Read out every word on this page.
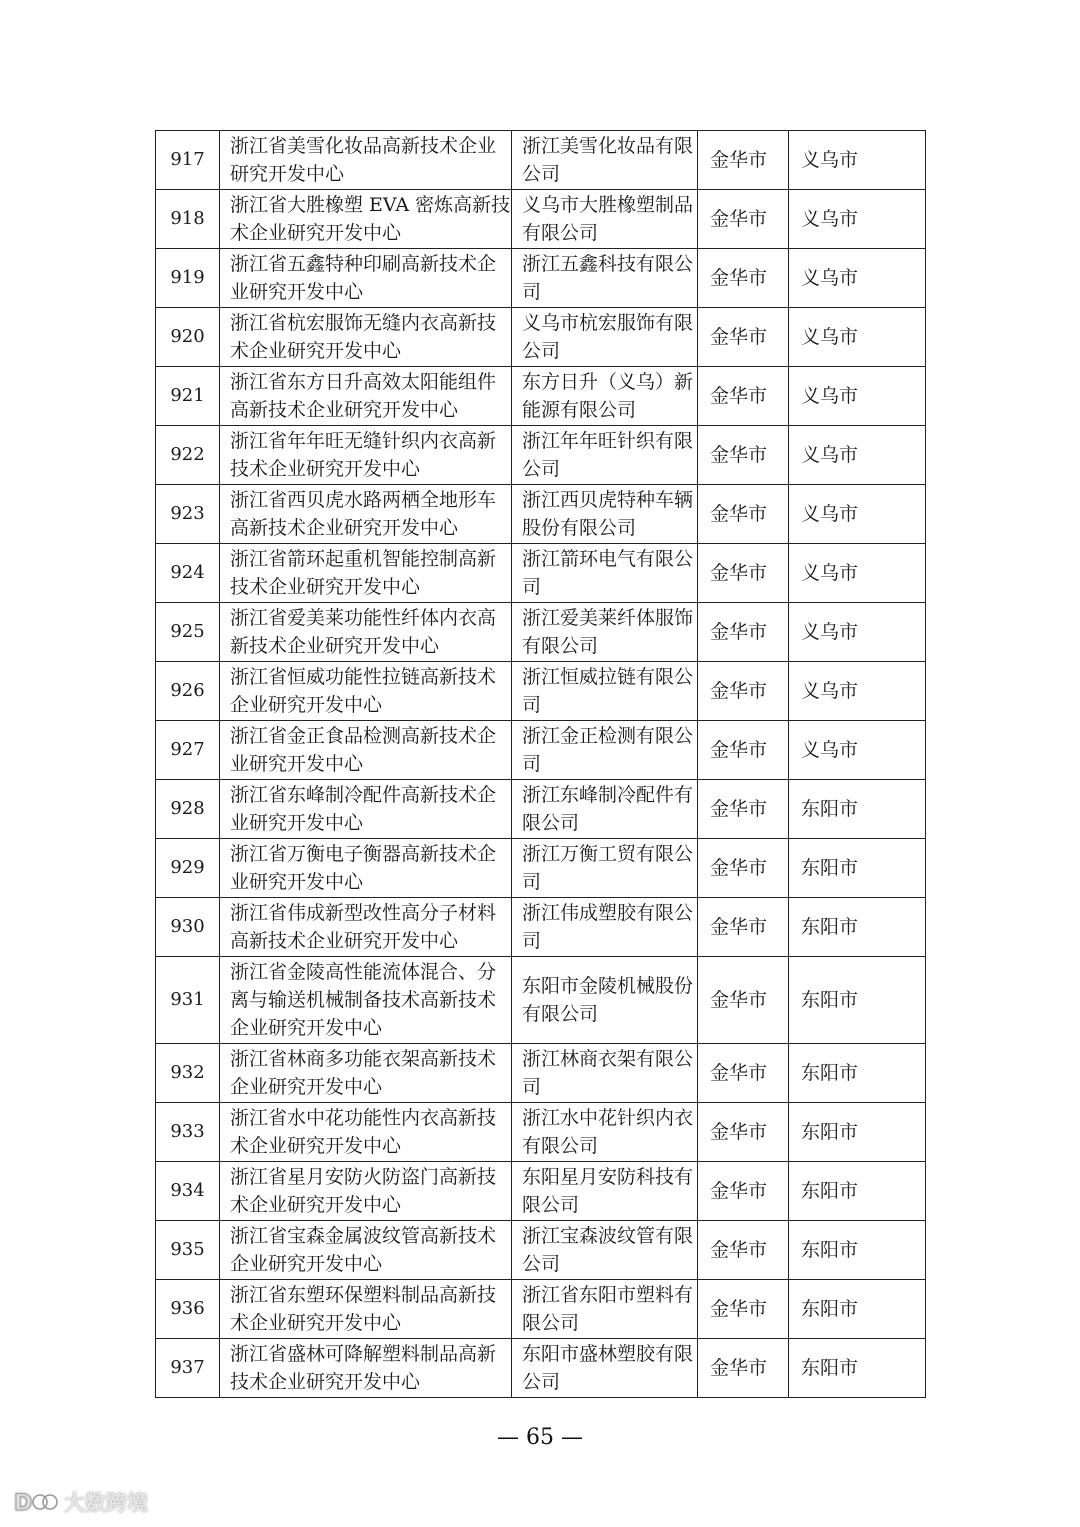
917	浙江省美雪化妆品高新技术企业研究开发中心	浙江美雪化妆品有限公司	金华市	义乌市
918	浙江省大胜橡塑 EVA 密炼高新技术企业研究开发中心	义乌市大胜橡塑制品有限公司	金华市	义乌市
919	浙江省五鑫特种印刷高新技术企业研究开发中心	浙江五鑫科技有限公司	金华市	义乌市
920	浙江省杭宏服饰无缝内衣高新技术企业研究开发中心	义乌市杭宏服饰有限公司	金华市	义乌市
921	浙江省东方日升高效太阳能组件高新技术企业研究开发中心	东方日升（义乌）新能源有限公司	金华市	义乌市
922	浙江省年年旺无缝针织内衣高新技术企业研究开发中心	浙江年年旺针织有限公司	金华市	义乌市
923	浙江省西贝虎水路两栖全地形车高新技术企业研究开发中心	浙江西贝虎特种车辆股份有限公司	金华市	义乌市
924	浙江省箭环起重机智能控制高新技术企业研究开发中心	浙江箭环电气有限公司	金华市	义乌市
925	浙江省爱美莱功能性纤体内衣高新技术企业研究开发中心	浙江爱美莱纤体服饰有限公司	金华市	义乌市
926	浙江省恒威功能性拉链高新技术企业研究开发中心	浙江恒威拉链有限公司	金华市	义乌市
927	浙江省金正食品检测高新技术企业研究开发中心	浙江金正检测有限公司	金华市	义乌市
928	浙江省东峰制冷配件高新技术企业研究开发中心	浙江东峰制冷配件有限公司	金华市	东阳市
929	浙江省万衡电子衡器高新技术企业研究开发中心	浙江万衡工贸有限公司	金华市	东阳市
930	浙江省伟成新型改性高分子材料高新技术企业研究开发中心	浙江伟成塑胶有限公司	金华市	东阳市
931	浙江省金陵高性能流体混合、分离与输送机械制备技术高新技术企业研究开发中心	东阳市金陵机械股份有限公司	金华市	东阳市
932	浙江省林商多功能衣架高新技术企业研究开发中心	浙江林商衣架有限公司	金华市	东阳市
933	浙江省水中花功能性内衣高新技术企业研究开发中心	浙江水中花针织内衣有限公司	金华市	东阳市
934	浙江省星月安防火防盗门高新技术企业研究开发中心	东阳星月安防科技有限公司	金华市	东阳市
935	浙江省宝森金属波纹管高新技术企业研究开发中心	浙江宝森波纹管有限公司	金华市	东阳市
936	浙江省东塑环保塑料制品高新技术企业研究开发中心	浙江省东阳市塑料有限公司	金华市	东阳市
937	浙江省盛林可降解塑料制品高新技术企业研究开发中心	东阳市盛林塑胶有限公司	金华市	东阳市
— 65 —
D 大数跨境
